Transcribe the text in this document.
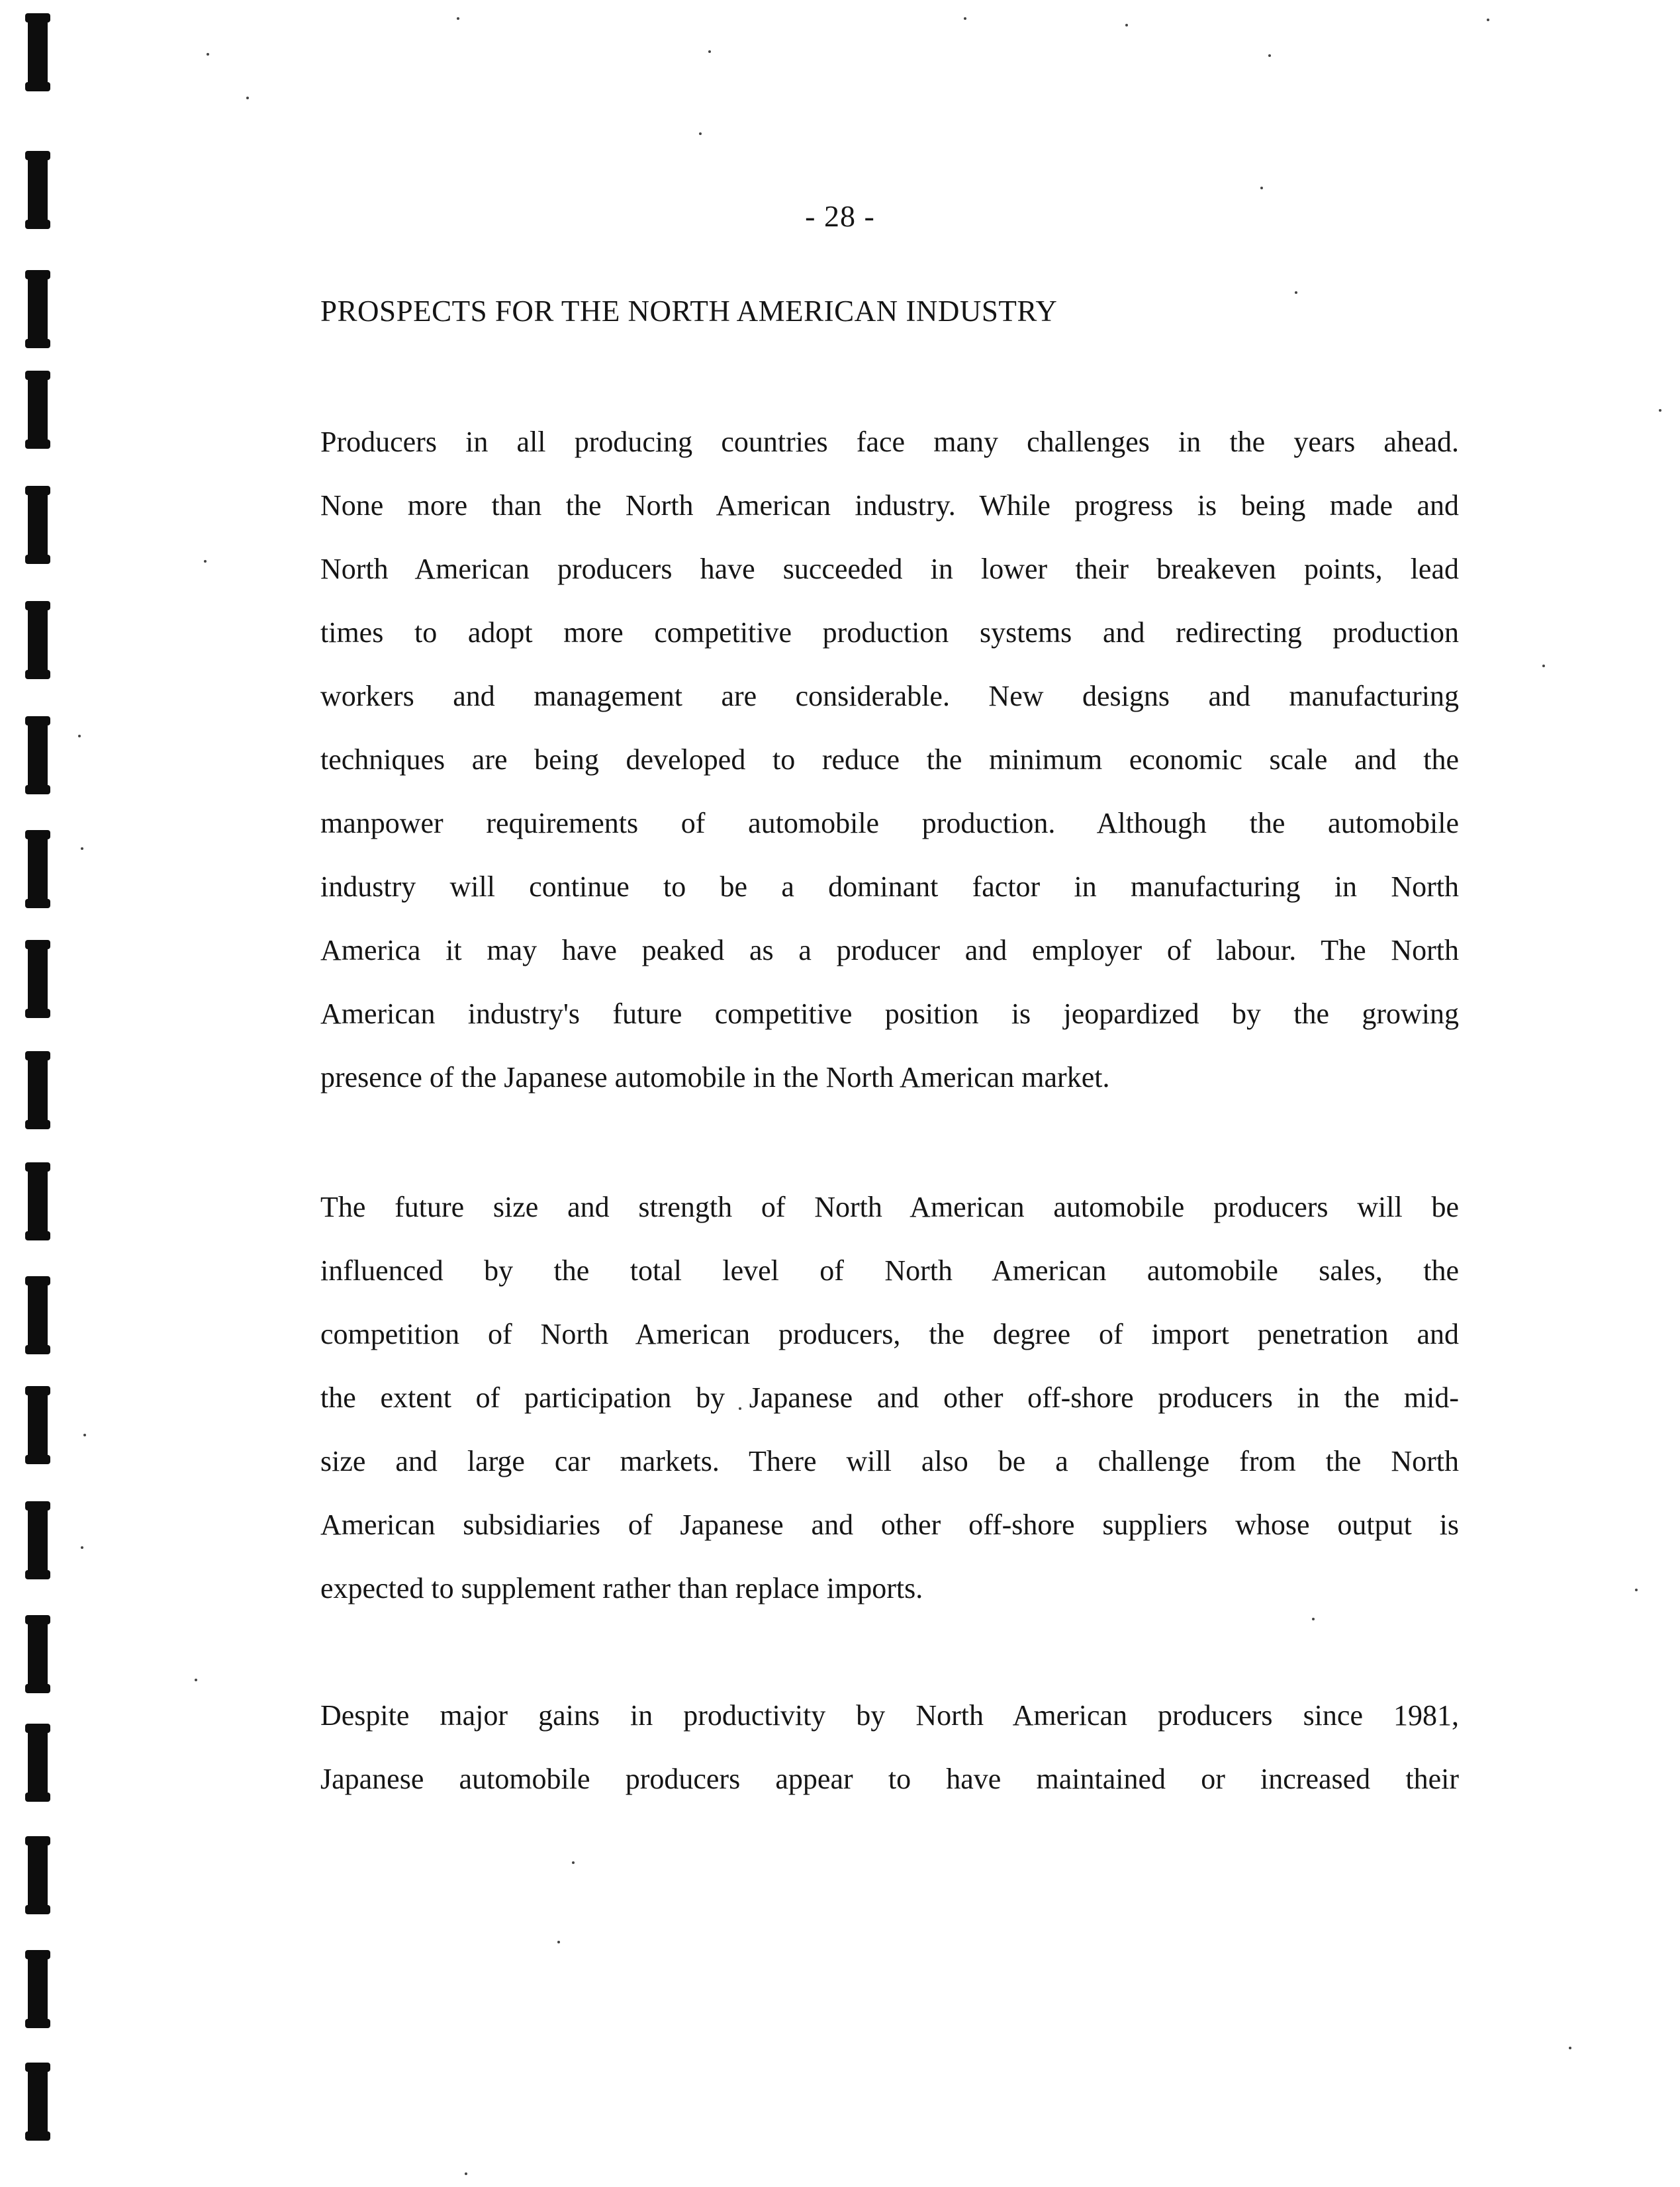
- 28 -
PROSPECTS FOR THE NORTH AMERICAN INDUSTRY
Producers in all producing countries face many challenges in the years ahead.
None more than the North American industry. While progress is being made and
North American producers have succeeded in lower their breakeven points, lead
times to adopt more competitive production systems and redirecting production
workers and management are considerable. New designs and manufacturing
techniques are being developed to reduce the minimum economic scale and the
manpower requirements of automobile production. Although the automobile
industry will continue to be a dominant factor in manufacturing in North
America it may have peaked as a producer and employer of labour. The North
American industry's future competitive position is jeopardized by the growing
presence of the Japanese automobile in the North American market.
The future size and strength of North American automobile producers will be
influenced by the total level of North American automobile sales, the
competition of North American producers, the degree of import penetration and
the extent of participation by Japanese and other off-shore producers in the mid-
size and large car markets. There will also be a challenge from the North
American subsidiaries of Japanese and other off-shore suppliers whose output is
expected to supplement rather than replace imports.
Despite major gains in productivity by North American producers since 1981,
Japanese automobile producers appear to have maintained or increased their
